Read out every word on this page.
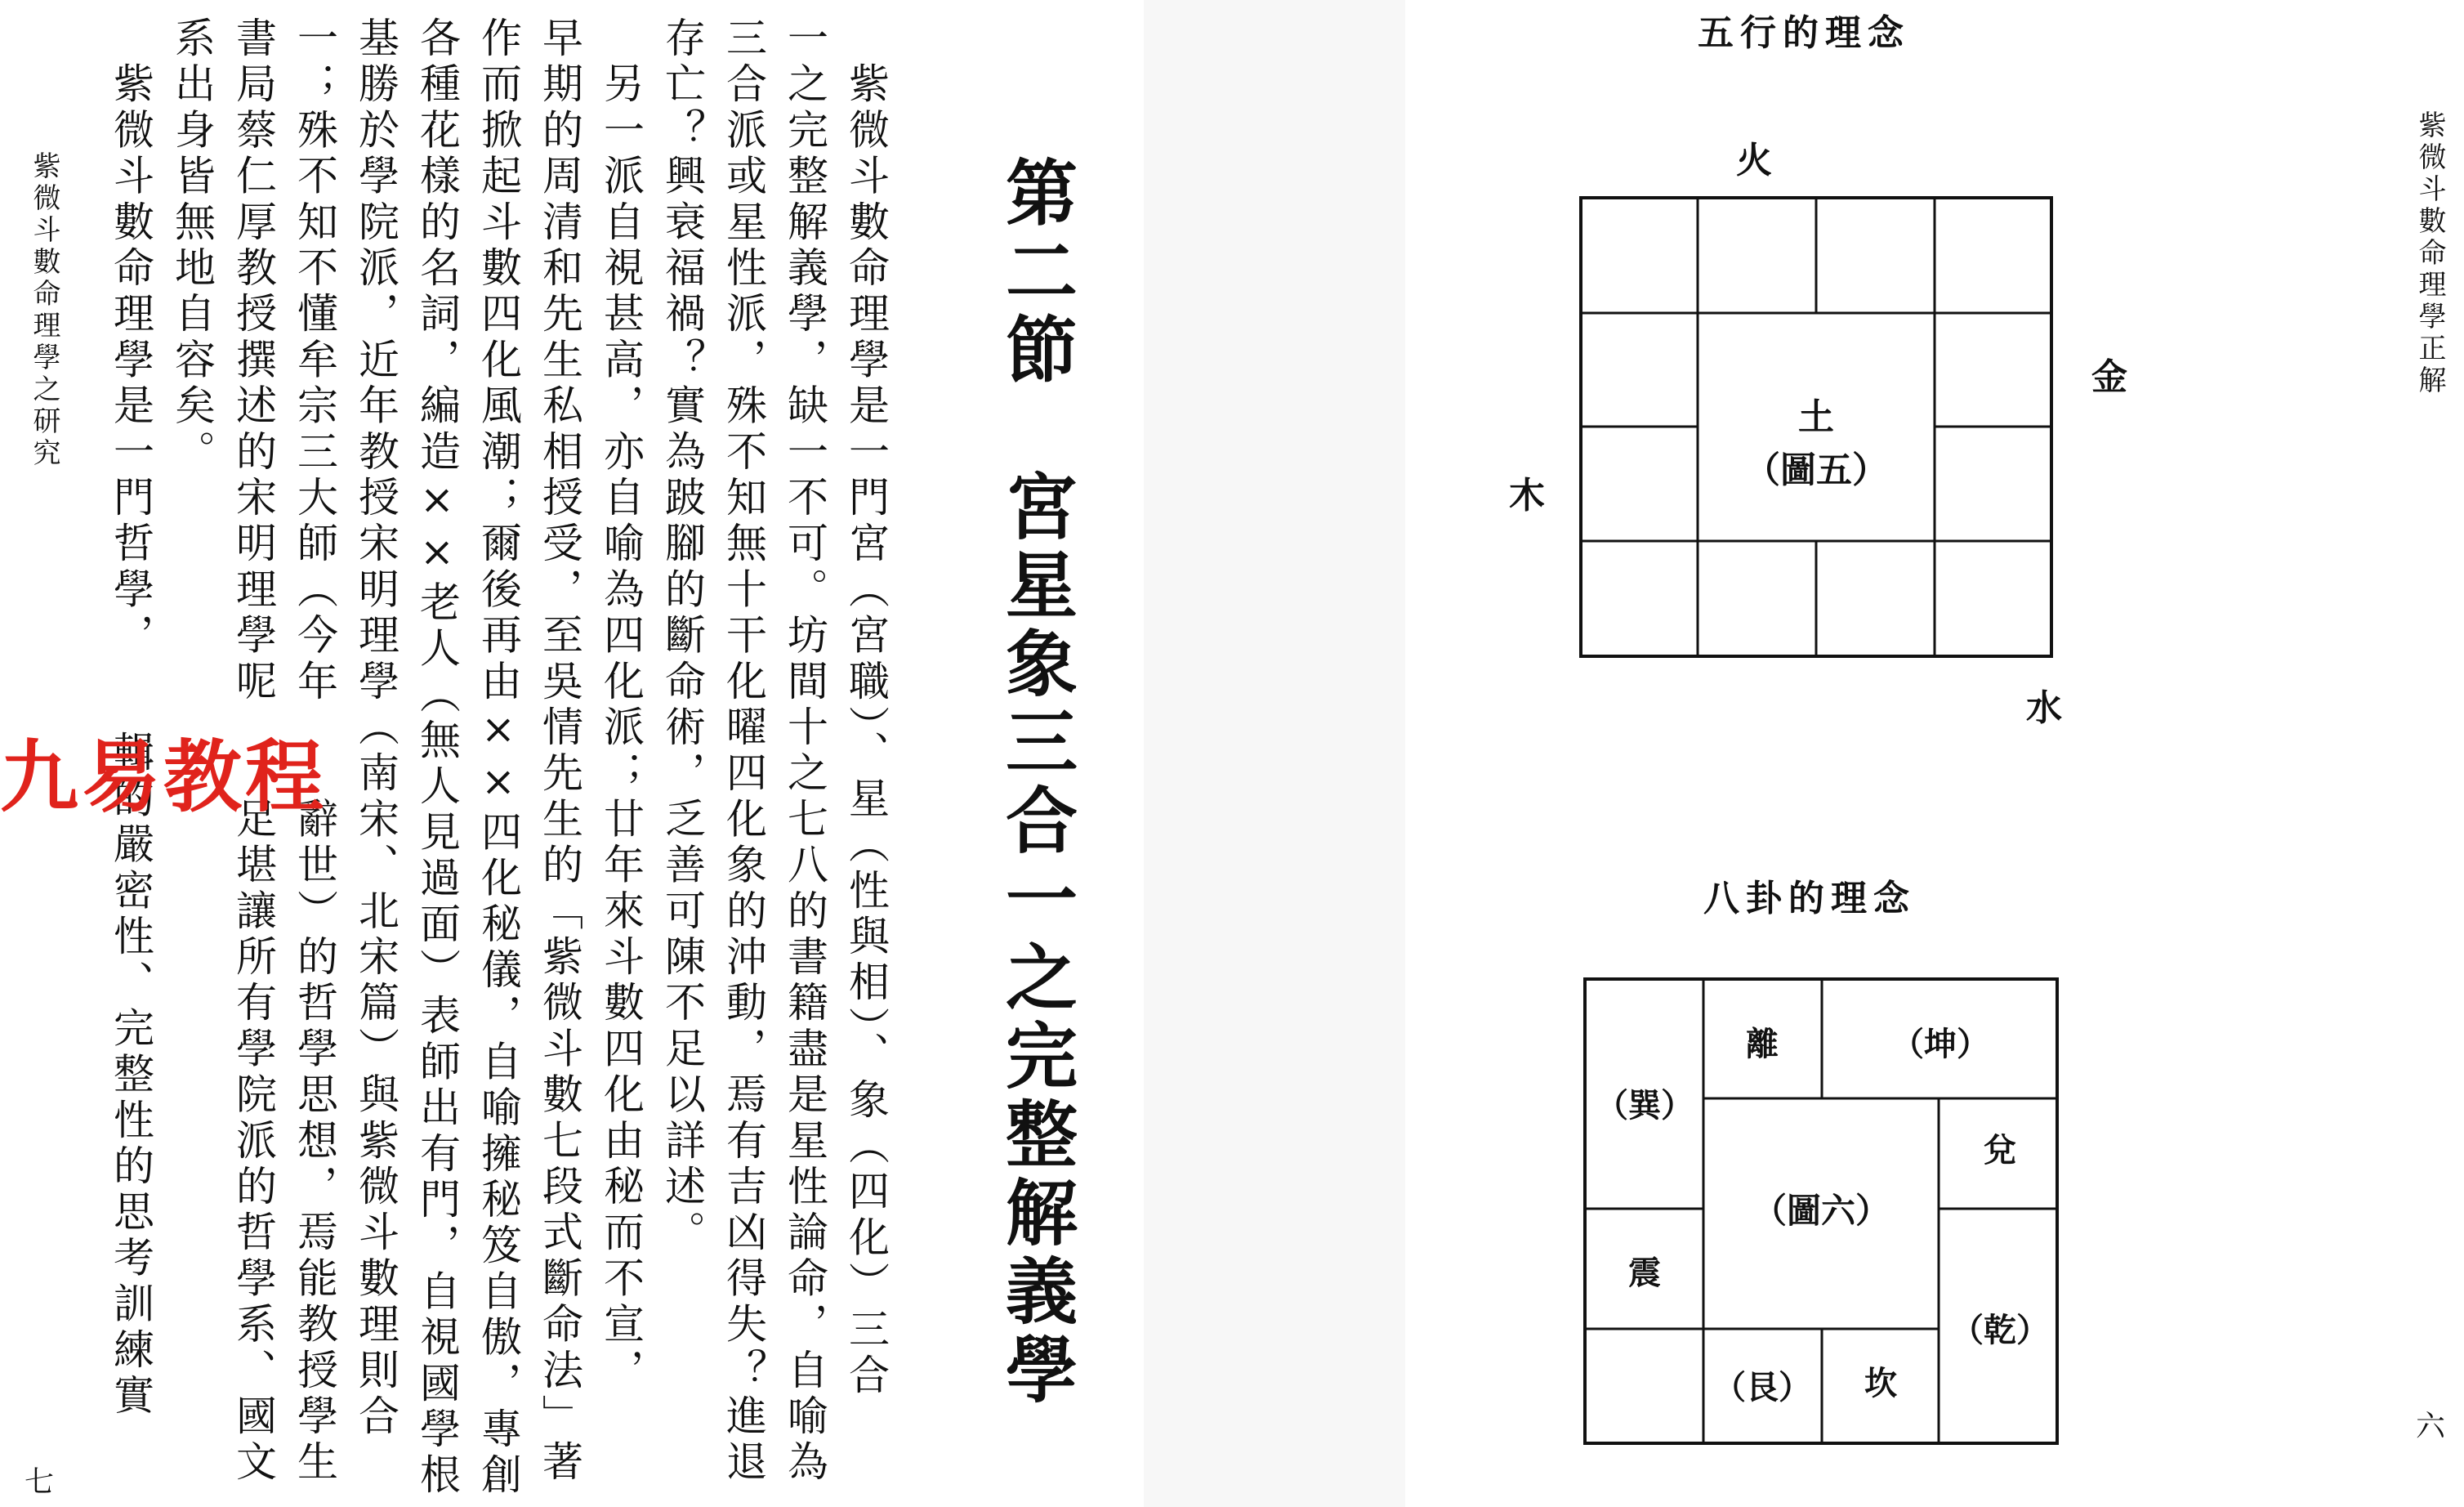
紫微斗數命理學之研究
七
　紫微斗數命理學是一門宮（宮職）、星（性與相）、象（四化）三合
一之完整解義學，缺一不可。坊間十之七八的書籍盡是星性論命，自喻為
三合派或星性派，殊不知無十干化曜四化象的沖動，焉有吉凶得失？進退
存亡？興衰福禍？實為跛腳的斷命術，乏善可陳不足以詳述。
　另一派自視甚高，亦自喻為四化派；廿年來斗數四化由秘而不宣，
早期的周清和先生私相授受，至吳情先生的「紫微斗數七段式斷命法」著
作而掀起斗數四化風潮；爾後再由××四化秘儀，自喻擁秘笈自傲，專創
各種花樣的名詞，編造××老人（無人見過面）表師出有門，自視國學根
基勝於學院派，近年教授宋明理學（南宋、北宋篇）與紫微斗數理則合
一；殊不知不懂牟宗三大師（今年　　辭世）的哲學思想，焉能教授學生
書局蔡仁厚教授撰述的宋明理學呢　　足堪讓所有學院派的哲學系、國文
系出身皆無地自容矣。
　紫微斗數命理學是一門哲學，　　輯的嚴密性、完整性的思考訓練實	第二節　宮星象三合一之完整解義學
九易教程
紫微斗數命理學正解
六
五行的理念
火
金
木
水
土
（圖五）
八卦的理念
離	（坤）
（巽）
兌
（圖六）
震
（乾）
（艮） 坎
